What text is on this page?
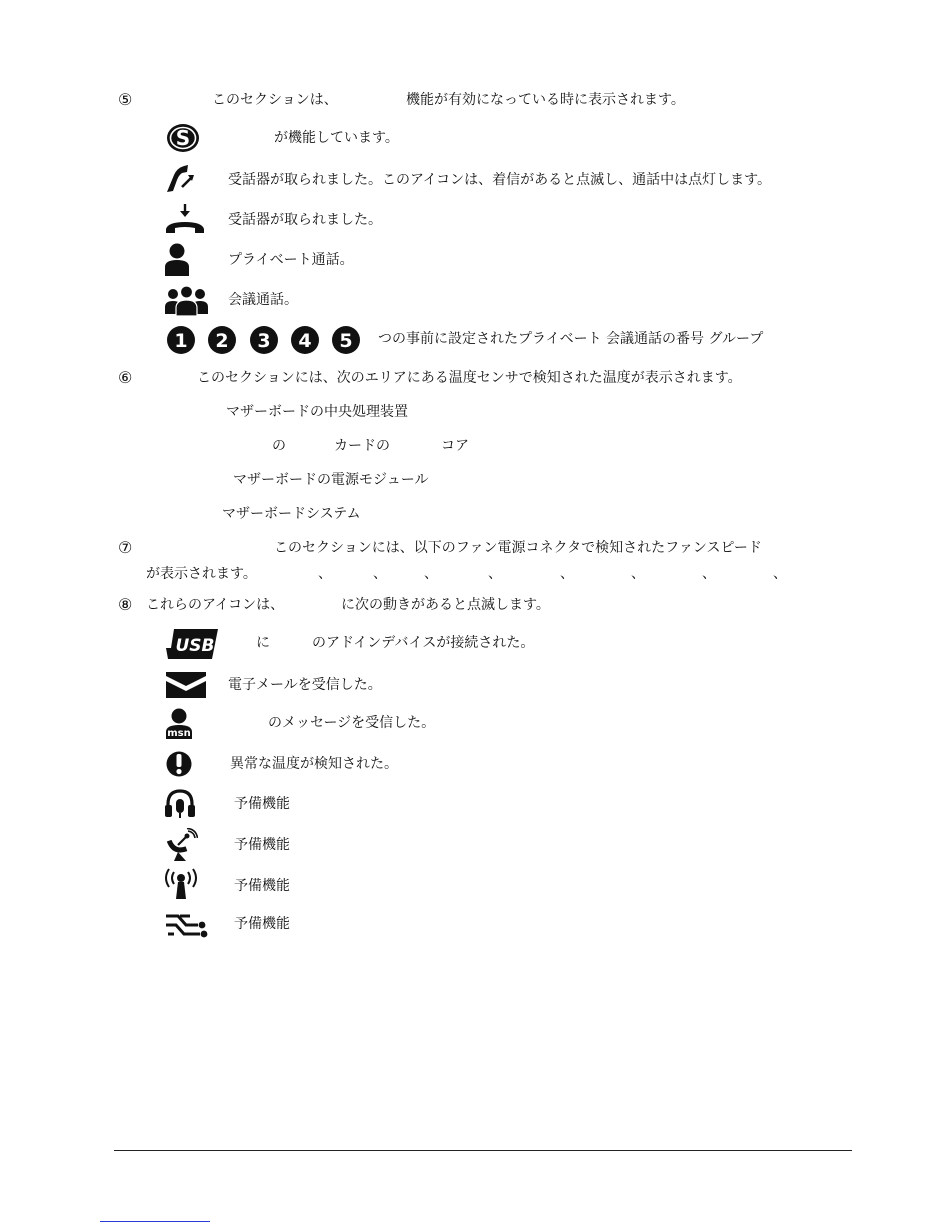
⑤	このセクションは、	機能が有効になっている時に表示されます。
S	が機能しています。
受話器が取られました。このアイコンは、着信があると点滅し、通話中は点灯します。
受話器が取られました。
プライベート通話。
会議通話。
1 2 3 4 5 つの事前に設定されたプライベート 会議通話の番号 グループ
⑥	このセクションには、次のエリアにある温度センサで検知された温度が表示されます。
マザーボードの中央処理装置
の	カードの	コア
マザーボードの電源モジュール
マザーボードシステム
⑦	このセクションには、以下のファン電源コネクタで検知されたファンスピード
が表示されます。	、	、	、	、	、	、	、	、
⑧ これらのアイコンは、	に次の動きがあると点滅します。
USB	に	のアドインデバイスが接続された。
電子メールを受信した。
msn
のメッセージを受信した。
異常な温度が検知された。
予備機能
予備機能
予備機能
予備機能
